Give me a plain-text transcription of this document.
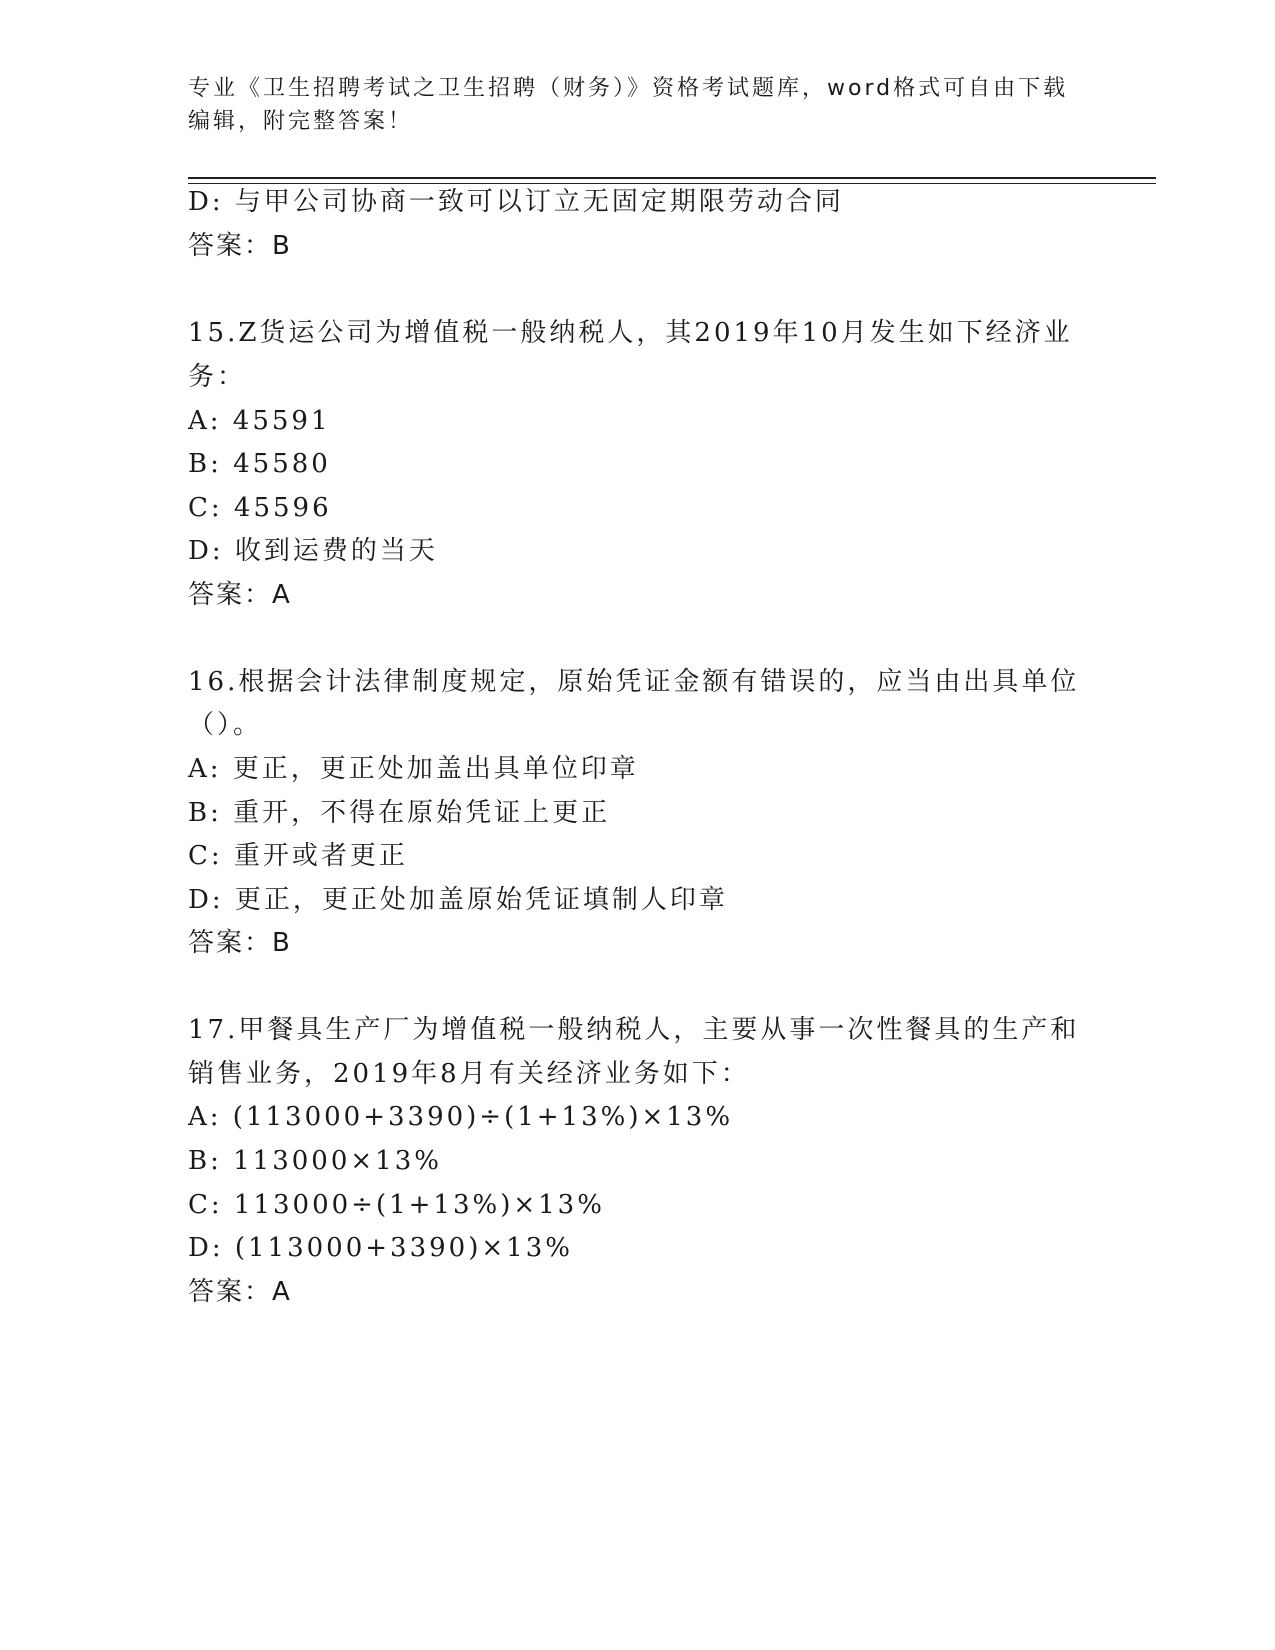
专业《卫生招聘考试之卫生招聘（财务）》资格考试题库，word格式可自由下载
编辑，附完整答案！
D: 与甲公司协商一致可以订立无固定期限劳动合同
答案：B
15.Z货运公司为增值税一般纳税人，其2019年10月发生如下经济业
务：
A: 45591
B: 45580
C: 45596
D: 收到运费的当天
答案：A
16.根据会计法律制度规定，原始凭证金额有错误的，应当由出具单位
（）。
A: 更正，更正处加盖出具单位印章
B: 重开，不得在原始凭证上更正
C: 重开或者更正
D: 更正，更正处加盖原始凭证填制人印章
答案：B
17.甲餐具生产厂为增值税一般纳税人，主要从事一次性餐具的生产和
销售业务，2019年8月有关经济业务如下：
A: (113000+3390)÷(1+13%)×13%
B: 113000×13%
C: 113000÷(1+13%)×13%
D: (113000+3390)×13%
答案：A
